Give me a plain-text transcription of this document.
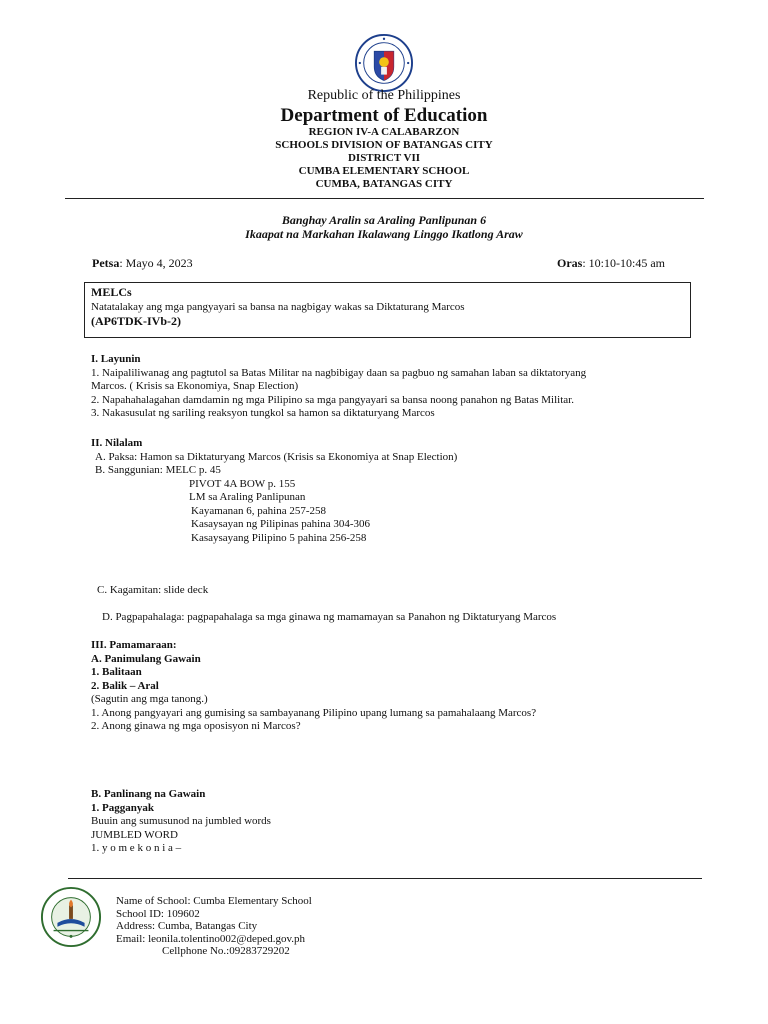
Republic of the Philippines
Department of Education
REGION IV-A CALABARZON
SCHOOLS DIVISION OF BATANGAS CITY
DISTRICT VII
CUMBA ELEMENTARY SCHOOL
CUMBA, BATANGAS CITY
Banghay Aralin sa Araling Panlipunan 6
Ikaapat na Markahan Ikalawang Linggo Ikatlong Araw
Petsa: Mayo 4, 2023	Oras: 10:10-10:45 am
MELCs
Natatalakay ang mga pangyayari sa bansa na nagbigay wakas sa Diktaturang Marcos
(AP6TDK-IVb-2)
I. Layunin
1. Naipaliliwanag ang pagtutol sa Batas Militar na nagbibigay daan sa pagbuo ng samahan laban sa diktatoryang
Marcos. ( Krisis sa Ekonomiya, Snap Election)
2. Napahahalagahan damdamin ng mga Pilipino sa mga pangyayari sa bansa noong panahon ng Batas Militar.
3. Nakasusulat ng sariling reaksyon tungkol sa hamon sa diktaturyang Marcos
II. Nilalam
A. Paksa: Hamon sa Diktaturyang Marcos (Krisis sa Ekonomiya at Snap Election)
B. Sanggunian: MELC p. 45
PIVOT 4A BOW p. 155
LM sa Araling Panlipunan
Kayamanan 6, pahina 257-258
Kasaysayan ng Pilipinas pahina 304-306
Kasaysayang Pilipino 5 pahina 256-258
C. Kagamitan: slide deck
D. Pagpapahalaga: pagpapahalaga sa mga ginawa ng mamamayan sa Panahon ng Diktaturyang Marcos
III. Pamamaraan:
A. Panimulang Gawain
1. Balitaan
2. Balik – Aral
(Sagutin ang mga tanong.)
1. Anong pangyayari ang gumising sa sambayanang Pilipino upang lumang sa pamahalaang Marcos?
2. Anong ginawa ng mga oposisyon ni Marcos?
B. Panlinang na Gawain
1. Pagganyak
Buuin ang sumusunod na jumbled words
JUMBLED WORD
1. y o m e k o n i a –
Name of School: Cumba Elementary School
School ID: 109602
Address: Cumba, Batangas City
Email: leonila.tolentino002@deped.gov.ph
Cellphone No.:09283729202
